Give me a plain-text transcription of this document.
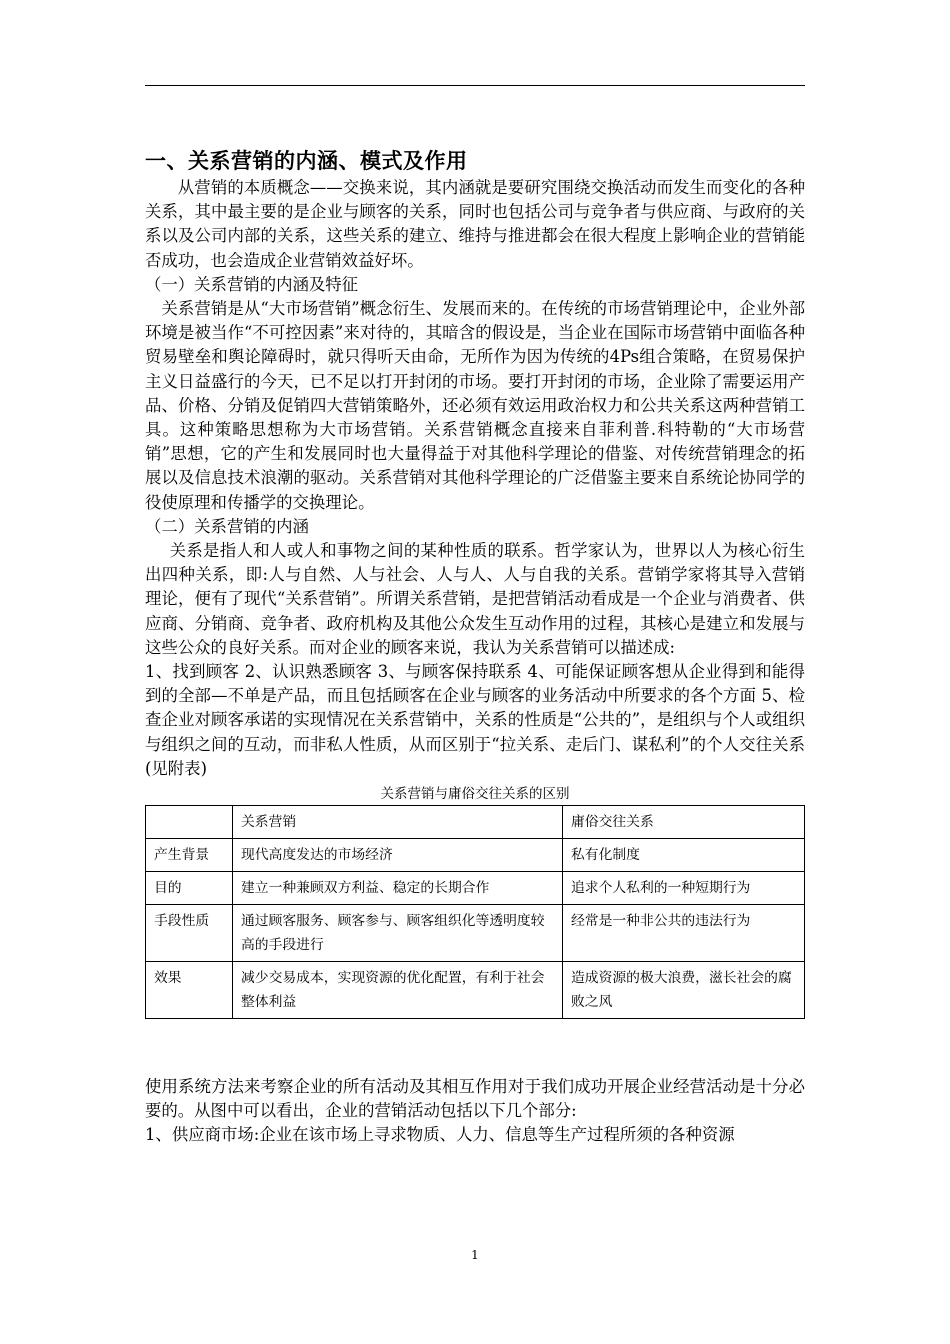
一、关系营销的内涵、模式及作用

从营销的本质概念——交换来说，其内涵就是要研究围绕交换活动而发生而变化的各种关系，其中最主要的是企业与顾客的关系，同时也包括公司与竞争者与供应商、与政府的关系以及公司内部的关系，这些关系的建立、维持与推进都会在很大程度上影响企业的营销能否成功，也会造成企业营销效益好坏。

（一）关系营销的内涵及特征

关系营销是从“大市场营销”概念衍生、发展而来的。在传统的市场营销理论中，企业外部环境是被当作“不可控因素”来对待的，其暗含的假设是，当企业在国际市场营销中面临各种贸易壁垒和舆论障碍时，就只得听天由命，无所作为因为传统的4Ps组合策略，在贸易保护主义日益盛行的今天，已不足以打开封闭的市场。要打开封闭的市场，企业除了需要运用产品、价格、分销及促销四大营销策略外，还必须有效运用政治权力和公共关系这两种营销工具。这种策略思想称为大市场营销。关系营销概念直接来自菲利普.科特勒的“大市场营销”思想，它的产生和发展同时也大量得益于对其他科学理论的借鉴、对传统营销理念的拓展以及信息技术浪潮的驱动。关系营销对其他科学理论的广泛借鉴主要来自系统论协同学的役使原理和传播学的交换理论。

（二）关系营销的内涵

关系是指人和人或人和事物之间的某种性质的联系。哲学家认为，世界以人为核心衍生出四种关系，即:人与自然、人与社会、人与人、人与自我的关系。营销学家将其导入营销理论，便有了现代“关系营销”。所谓关系营销，是把营销活动看成是一个企业与消费者、供应商、分销商、竞争者、政府机构及其他公众发生互动作用的过程，其核心是建立和发展与这些公众的良好关系。而对企业的顾客来说，我认为关系营销可以描述成:

1、找到顾客 2、认识熟悉顾客 3、与顾客保持联系 4、可能保证顾客想从企业得到和能得到的全部—不单是产品，而且包括顾客在企业与顾客的业务活动中所要求的各个方面 5、检查企业对顾客承诺的实现情况在关系营销中，关系的性质是“公共的”，是组织与个人或组织与组织之间的互动，而非私人性质，从而区别于“拉关系、走后门、谋私利”的个人交往关系(见附表)

关系营销与庸俗交往关系的区别
	关系营销	庸俗交往关系
产生背景	现代高度发达的市场经济	私有化制度
目的	建立一种兼顾双方利益、稳定的长期合作	追求个人私利的一种短期行为
手段性质	通过顾客服务、顾客参与、顾客组织化等透明度较高的手段进行	经常是一种非公共的违法行为
效果	减少交易成本，实现资源的优化配置，有利于社会整体利益	造成资源的极大浪费，滋长社会的腐败之风

使用系统方法来考察企业的所有活动及其相互作用对于我们成功开展企业经营活动是十分必要的。从图中可以看出，企业的营销活动包括以下几个部分:

1、供应商市场:企业在该市场上寻求物质、人力、信息等生产过程所须的各种资源

1
